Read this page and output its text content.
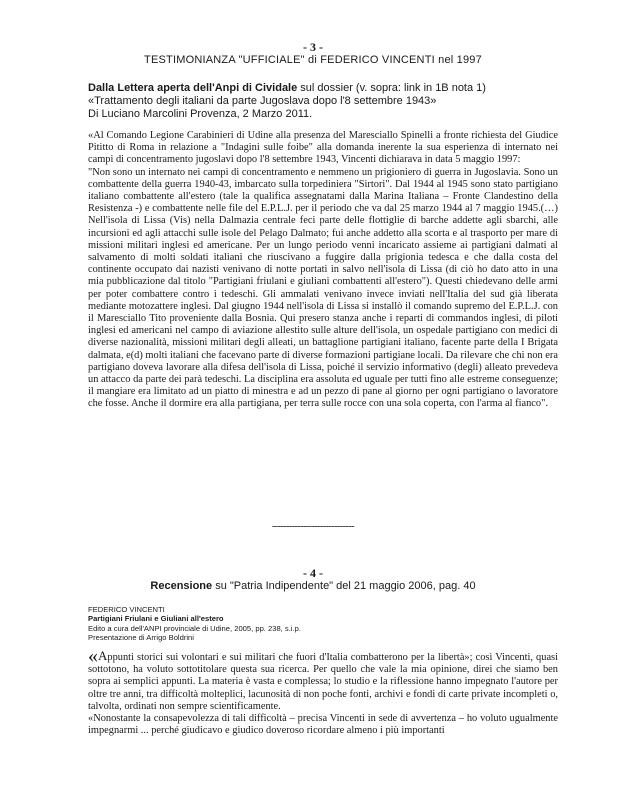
- 3 -
TESTIMONIANZA "UFFICIALE" di FEDERICO VINCENTI nel 1997
Dalla Lettera aperta dell'Anpi di Cividale sul dossier (v. sopra: link in 1B nota 1)
«Trattamento degli italiani da parte Jugoslava dopo l'8 settembre 1943»
Di Luciano Marcolini Provenza, 2 Marzo 2011.

«Al Comando Legione Carabinieri di Udine alla presenza del Maresciallo Spinelli a fronte richiesta del Giudice Pititto di Roma in relazione a "Indagini sulle foibe" alla domanda inerente la sua esperienza di internato nei campi di concentramento jugoslavi dopo l'8 settembre 1943, Vincenti dichiarava in data 5 maggio 1997:

"Non sono un internato nei campi di concentramento e nemmeno un prigioniero di guerra in Jugoslavia. Sono un combattente della guerra 1940-43, imbarcato sulla torpediniera "Sirtori". Dal 1944 al 1945 sono stato partigiano italiano combattente all'estero (tale la qualifica assegnatami dalla Marina Italiana – Fronte Clandestino della Resistenza -) e combattente nelle file del E.P.L.J. per il periodo che va dal 25 marzo 1944 al 7 maggio 1945.(…) Nell'isola di Lissa (Vis) nella Dalmazia centrale feci parte delle flottiglie di barche addette agli sbarchi, alle incursioni ed agli attacchi sulle isole del Pelago Dalmato; fui anche addetto alla scorta e al trasporto per mare di missioni militari inglesi ed americane. Per un lungo periodo venni incaricato assieme ai partigiani dalmati al salvamento di molti soldati italiani che riuscivano a fuggire dalla prigionia tedesca e che dalla costa del continente occupato dai nazisti venivano di notte portati in salvo nell'isola di Lissa (di ciò ho dato atto in una mia pubblicazione dal titolo "Partigiani friulani e giuliani combattenti all'estero"). Questi chiedevano delle armi per poter combattere contro i tedeschi. Gli ammalati venivano invece inviati nell'Italia del sud già liberata mediante motozattere inglesi. Dal giugno 1944 nell'isola di Lissa si installò il comando supremo del E.P.L.J. con il Maresciallo Tito proveniente dalla Bosnia. Qui presero stanza anche i reparti di commandos inglesi, di piloti inglesi ed americani nel campo di aviazione allestito sulle alture dell'isola, un ospedale partigiano con medici di diverse nazionalità, missioni militari degli alleati, un battaglione partigiani italiano, facente parte della I Brigata dalmata, e(d) molti italiani che facevano parte di diverse formazioni partigiane locali. Da rilevare che chi non era partigiano doveva lavorare alla difesa dell'isola di Lissa, poiché il servizio informativo (degli) alleato prevedeva un attacco da parte dei parà tedeschi. La disciplina era assoluta ed uguale per tutti fino alle estreme conseguenze; il mangiare era limitato ad un piatto di minestra e ad un pezzo di pane al giorno per ogni partigiano o lavoratore che fosse. Anche il dormire era alla partigiana, per terra sulle rocce con una sola coperta, con l'arma al fianco".

-----------------------------
- 4 -
Recensione su "Patria Indipendente" del 21 maggio 2006, pag. 40
FEDERICO VINCENTI
Partigiani Friulani e Giuliani all'estero
Edito a cura dell'ANPI provinciale di Udine, 2005, pp. 238, s.i.p.
Presentazione di Arrigo Boldrini

«Appunti storici sui volontari e sui militari che fuori d'Italia combatterono per la libertà»; così Vincenti, quasi sottotono, ha voluto sottotitolare questa sua ricerca. Per quello che vale la mia opinione, direi che siamo ben sopra ai semplici appunti. La materia è vasta e complessa; lo studio e la riflessione hanno impegnato l'autore per oltre tre anni, tra difficoltà molteplici, lacunosità di non poche fonti, archivi e fondi di carte private incompleti o, talvolta, ordinati non sempre scientificamente.

«Nonostante la consapevolezza di tali difficoltà – precisa Vincenti in sede di avvertenza – ho voluto ugualmente impegnarmi ... perché giudicavo e giudico doveroso ricordare almeno i più importanti
